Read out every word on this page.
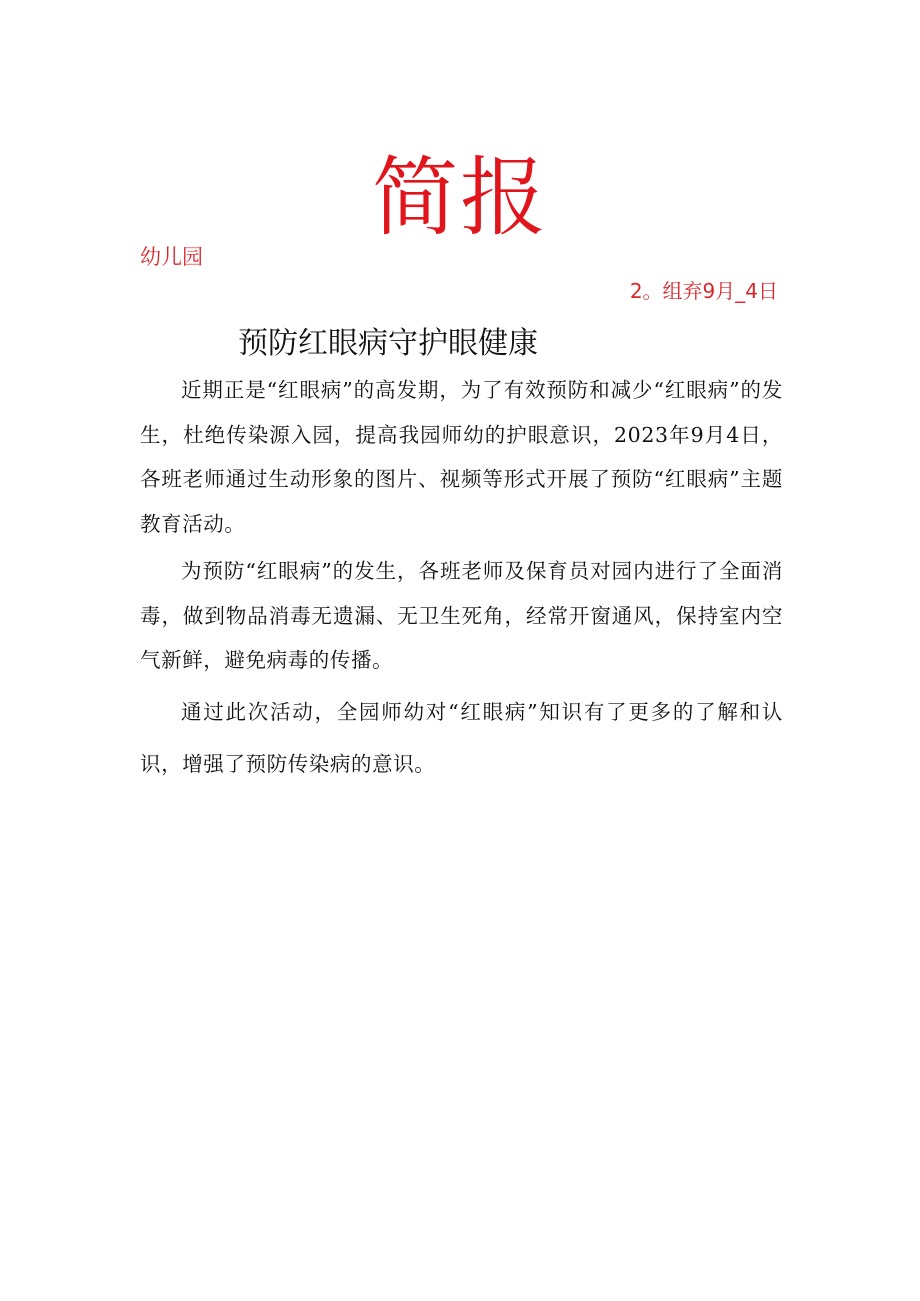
简报
幼儿园
2。组弃9月_4日
预防红眼病守护眼健康

近期正是“红眼病”的高发期，为了有效预防和减少“红眼病”的发生，杜绝传染源入园，提高我园师幼的护眼意识，2023年9月4日，各班老师通过生动形象的图片、视频等形式开展了预防“红眼病”主题教育活动。

为预防“红眼病”的发生，各班老师及保育员对园内进行了全面消毒，做到物品消毒无遗漏、无卫生死角，经常开窗通风，保持室内空气新鲜，避免病毒的传播。

通过此次活动，全园师幼对“红眼病”知识有了更多的了解和认识，增强了预防传染病的意识。
